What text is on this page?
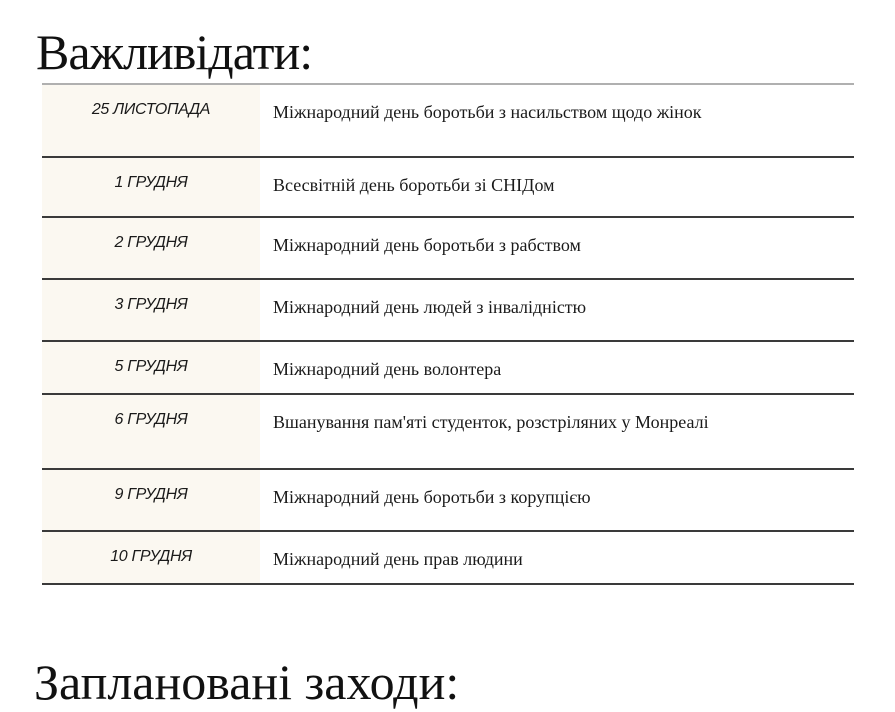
Важливідати:
25 ЛИСТОПАДА	Міжнародний день боротьби з насильством щодо жінок
1 ГРУДНЯ	Всесвітній день боротьби зі СНІДом
2 ГРУДНЯ	Міжнародний день боротьби з рабством
3 ГРУДНЯ	Міжнародний день людей з інвалідністю
5 ГРУДНЯ	Міжнародний день волонтера
6 ГРУДНЯ	Вшанування пам'яті студенток, розстріляних у Монреалі
9 ГРУДНЯ	Міжнародний день боротьби з корупцією
10 ГРУДНЯ	Міжнародний день прав людини
Заплановані заходи:
